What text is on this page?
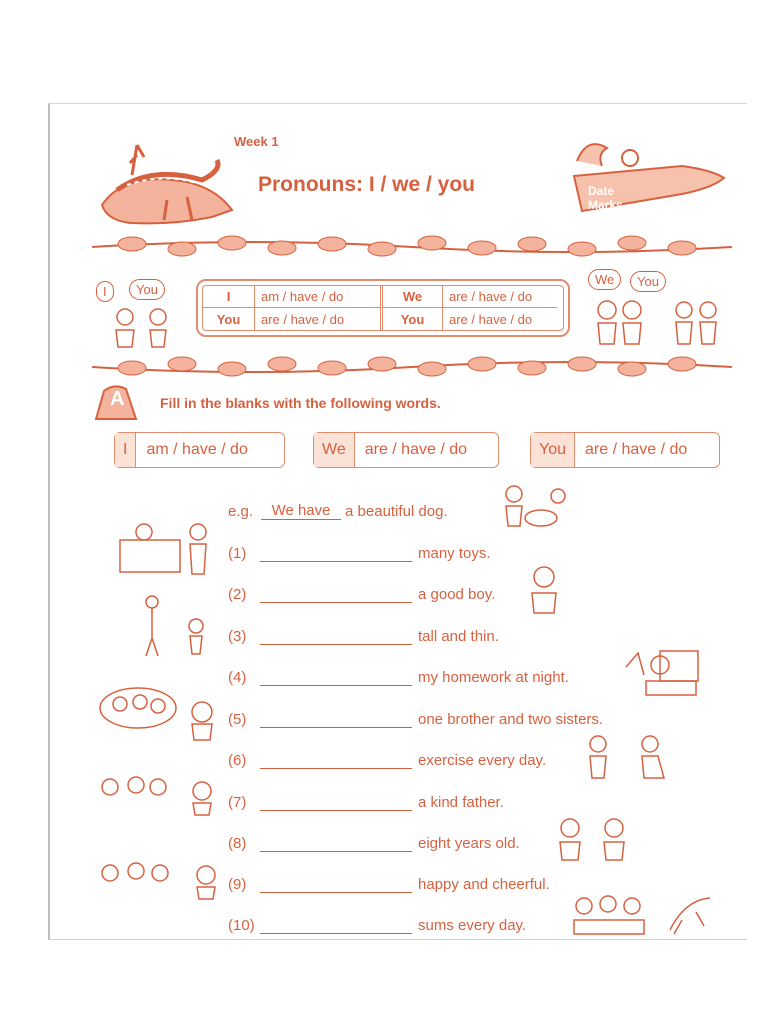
Week 1
Pronouns: I / we / you	Date
Marks
I	You
We	You
I	am / have / do	We	are / have / do
You	are / have / do	You	are / have / do
A	Fill in the blanks with the following words.
I	am / have / do	We	are / have / do	You	are / have / do
e.g.	We have a beautiful dog.
(1)	many toys.
(2)	a good boy.
(3)	tall and thin.
(4)	my homework at night.
(5)	one brother and two sisters.
(6)	exercise every day.
(7)	a kind father.
(8)	eight years old.
(9)	happy and cheerful.
(10)	sums every day.
